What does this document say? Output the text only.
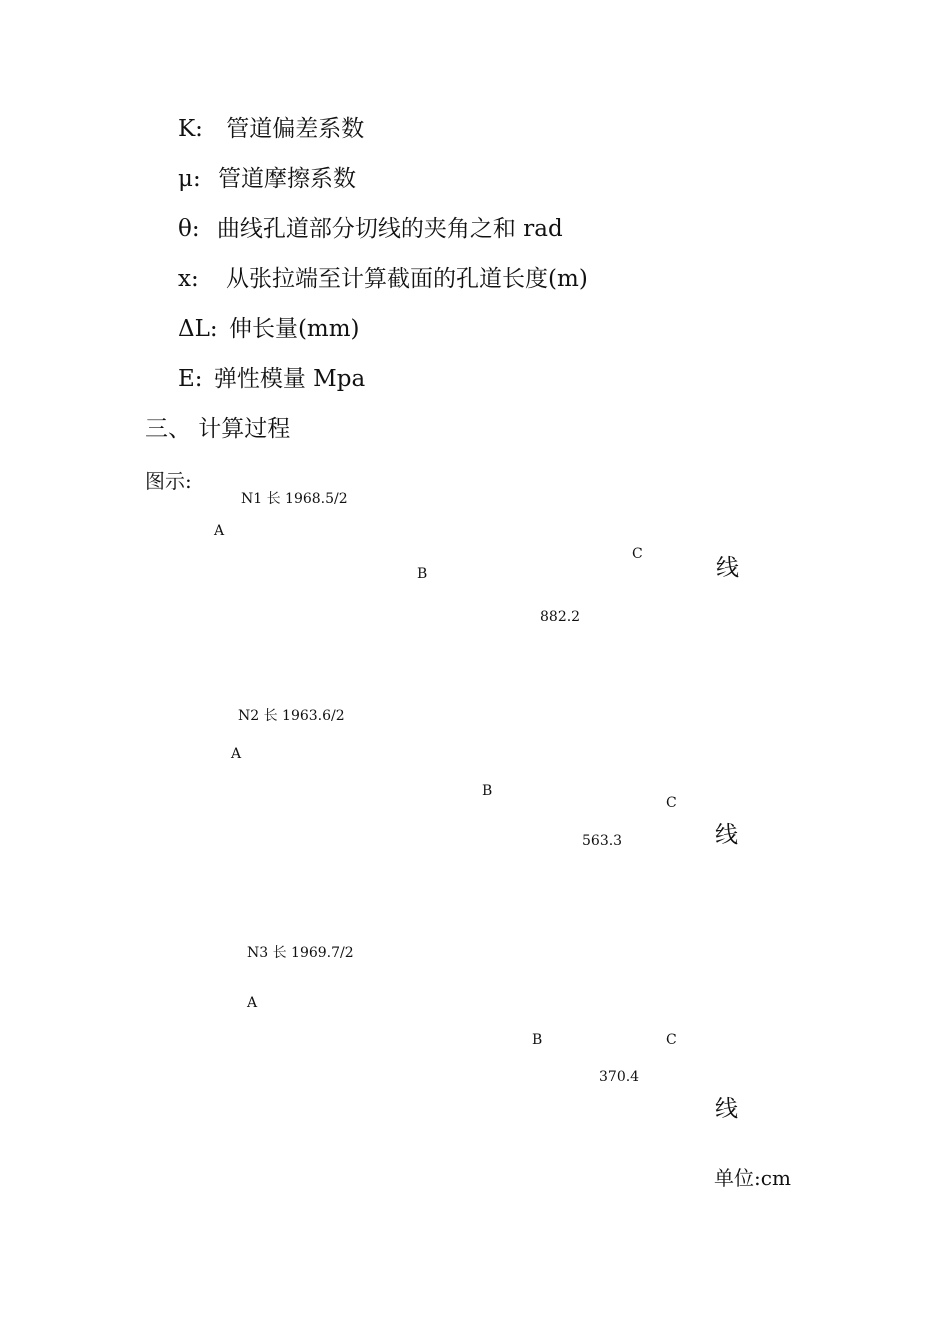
K: 管道偏差系数
μ: 管道摩擦系数
θ: 曲线孔道部分切线的夹角之和 rad
x: 从张拉端至计算截面的孔道长度(m)
ΔL: 伸长量(mm)
E: 弹性模量 Mpa
三、 计算过程
图示:
N1 长 1968.5/2
A
B
C
882.2
线
N2 长 1963.6/2
A
B
C
563.3	线
N3 长 1969.7/2
A
B	C
370.4
线
单位:cm
